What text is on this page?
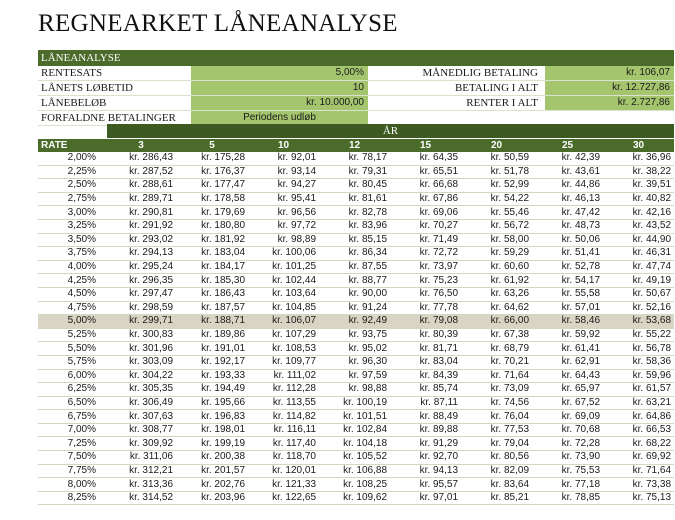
REGNEARKET LÅNEANALYSE
LÅNEANALYSE
RENTESATS	5,00%	MÅNEDLIG BETALING	kr. 106,07
LÅNETS LØBETID	10	BETALING I ALT	kr. 12.727,86
LÅNEBELØB	kr. 10.000,00	RENTER I ALT	kr. 2.727,86
FORFALDNE BETALINGER	Periodens udløb
ÅR
RATE	3	5	10	12	15	20	25	30
2,00%	kr. 286,43	kr. 175,28	kr. 92,01	kr. 78,17	kr. 64,35	kr. 50,59	kr. 42,39	kr. 36,96
2,25%	kr. 287,52	kr. 176,37	kr. 93,14	kr. 79,31	kr. 65,51	kr. 51,78	kr. 43,61	kr. 38,22
2,50%	kr. 288,61	kr. 177,47	kr. 94,27	kr. 80,45	kr. 66,68	kr. 52,99	kr. 44,86	kr. 39,51
2,75%	kr. 289,71	kr. 178,58	kr. 95,41	kr. 81,61	kr. 67,86	kr. 54,22	kr. 46,13	kr. 40,82
3,00%	kr. 290,81	kr. 179,69	kr. 96,56	kr. 82,78	kr. 69,06	kr. 55,46	kr. 47,42	kr. 42,16
3,25%	kr. 291,92	kr. 180,80	kr. 97,72	kr. 83,96	kr. 70,27	kr. 56,72	kr. 48,73	kr. 43,52
3,50%	kr. 293,02	kr. 181,92	kr. 98,89	kr. 85,15	kr. 71,49	kr. 58,00	kr. 50,06	kr. 44,90
3,75%	kr. 294,13	kr. 183,04	kr. 100,06	kr. 86,34	kr. 72,72	kr. 59,29	kr. 51,41	kr. 46,31
4,00%	kr. 295,24	kr. 184,17	kr. 101,25	kr. 87,55	kr. 73,97	kr. 60,60	kr. 52,78	kr. 47,74
4,25%	kr. 296,35	kr. 185,30	kr. 102,44	kr. 88,77	kr. 75,23	kr. 61,92	kr. 54,17	kr. 49,19
4,50%	kr. 297,47	kr. 186,43	kr. 103,64	kr. 90,00	kr. 76,50	kr. 63,26	kr. 55,58	kr. 50,67
4,75%	kr. 298,59	kr. 187,57	kr. 104,85	kr. 91,24	kr. 77,78	kr. 64,62	kr. 57,01	kr. 52,16
5,00%	kr. 299,71	kr. 188,71	kr. 106,07	kr. 92,49	kr. 79,08	kr. 66,00	kr. 58,46	kr. 53,68
5,25%	kr. 300,83	kr. 189,86	kr. 107,29	kr. 93,75	kr. 80,39	kr. 67,38	kr. 59,92	kr. 55,22
5,50%	kr. 301,96	kr. 191,01	kr. 108,53	kr. 95,02	kr. 81,71	kr. 68,79	kr. 61,41	kr. 56,78
5,75%	kr. 303,09	kr. 192,17	kr. 109,77	kr. 96,30	kr. 83,04	kr. 70,21	kr. 62,91	kr. 58,36
6,00%	kr. 304,22	kr. 193,33	kr. 111,02	kr. 97,59	kr. 84,39	kr. 71,64	kr. 64,43	kr. 59,96
6,25%	kr. 305,35	kr. 194,49	kr. 112,28	kr. 98,88	kr. 85,74	kr. 73,09	kr. 65,97	kr. 61,57
6,50%	kr. 306,49	kr. 195,66	kr. 113,55	kr. 100,19	kr. 87,11	kr. 74,56	kr. 67,52	kr. 63,21
6,75%	kr. 307,63	kr. 196,83	kr. 114,82	kr. 101,51	kr. 88,49	kr. 76,04	kr. 69,09	kr. 64,86
7,00%	kr. 308,77	kr. 198,01	kr. 116,11	kr. 102,84	kr. 89,88	kr. 77,53	kr. 70,68	kr. 66,53
7,25%	kr. 309,92	kr. 199,19	kr. 117,40	kr. 104,18	kr. 91,29	kr. 79,04	kr. 72,28	kr. 68,22
7,50%	kr. 311,06	kr. 200,38	kr. 118,70	kr. 105,52	kr. 92,70	kr. 80,56	kr. 73,90	kr. 69,92
7,75%	kr. 312,21	kr. 201,57	kr. 120,01	kr. 106,88	kr. 94,13	kr. 82,09	kr. 75,53	kr. 71,64
8,00%	kr. 313,36	kr. 202,76	kr. 121,33	kr. 108,25	kr. 95,57	kr. 83,64	kr. 77,18	kr. 73,38
8,25%	kr. 314,52	kr. 203,96	kr. 122,65	kr. 109,62	kr. 97,01	kr. 85,21	kr. 78,85	kr. 75,13
